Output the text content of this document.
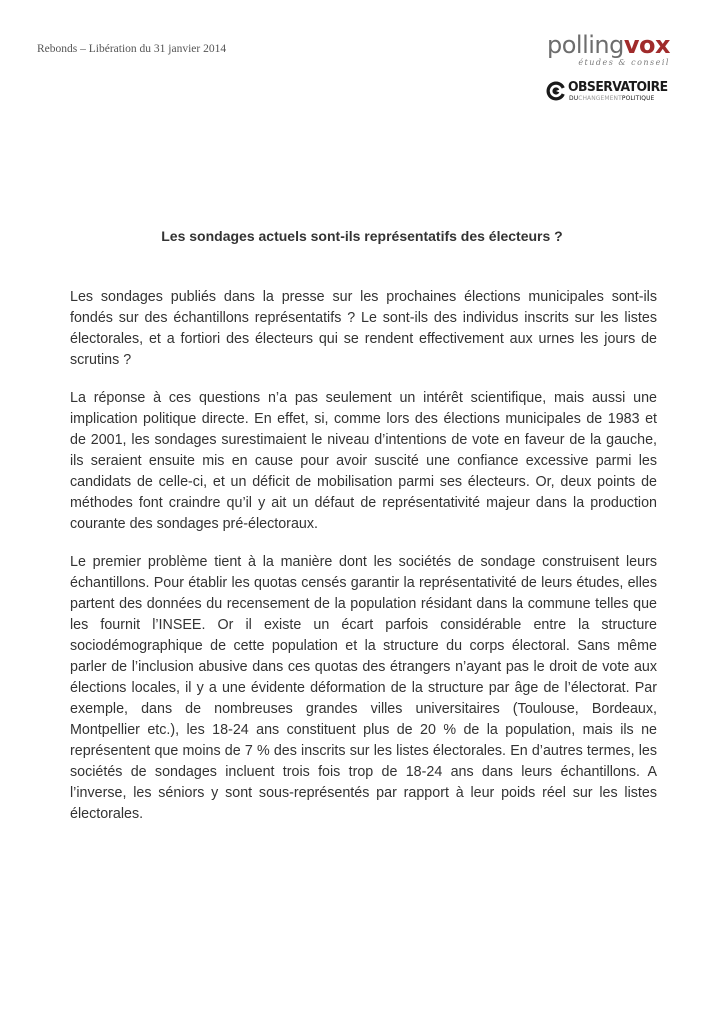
Rebonds – Libération du 31 janvier 2014	pollingvox
études & conseil
OBSERVATOIRE
DUCHANGEMENTPOLITIQUE
Les sondages actuels sont-ils représentatifs des électeurs ?

Les sondages publiés dans la presse sur les prochaines élections municipales sont-ils fondés sur des échantillons représentatifs ? Le sont-ils des individus inscrits sur les listes électorales, et a fortiori des électeurs qui se rendent effectivement aux urnes les jours de scrutins ?

La réponse à ces questions n’a pas seulement un intérêt scientifique, mais aussi une implication politique directe. En effet, si, comme lors des élections municipales de 1983 et de 2001, les sondages surestimaient le niveau d’intentions de vote en faveur de la gauche, ils seraient ensuite mis en cause pour avoir suscité une confiance excessive parmi les candidats de celle-ci, et un déficit de mobilisation parmi ses électeurs. Or, deux points de méthodes font craindre qu’il y ait un défaut de représentativité majeur dans la production courante des sondages pré-électoraux.

Le premier problème tient à la manière dont les sociétés de sondage construisent leurs échantillons. Pour établir les quotas censés garantir la représentativité de leurs études, elles partent des données du recensement de la population résidant dans la commune telles que les fournit l’INSEE. Or il existe un écart parfois considérable entre la structure sociodémographique de cette population et la structure du corps électoral. Sans même parler de l’inclusion abusive dans ces quotas des étrangers n’ayant pas le droit de vote aux élections locales, il y a une évidente déformation de la structure par âge de l’électorat. Par exemple, dans de nombreuses grandes villes universitaires (Toulouse, Bordeaux, Montpellier etc.), les 18-24 ans constituent plus de 20 % de la population, mais ils ne représentent que moins de 7 % des inscrits sur les listes électorales. En d’autres termes, les sociétés de sondages incluent trois fois trop de 18-24 ans dans leurs échantillons. A l’inverse, les séniors y sont sous-représentés par rapport à leur poids réel sur les listes électorales.
